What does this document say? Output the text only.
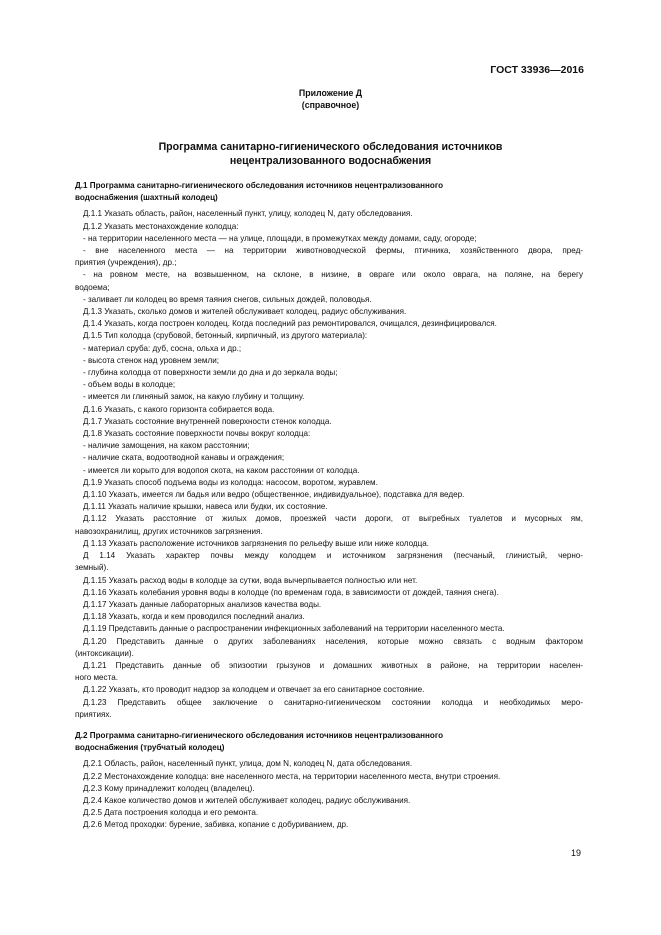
ГОСТ 33936—2016
Приложение Д
(справочное)
Программа санитарно-гигиенического обследования источников
нецентрализованного водоснабжения
Д.1 Программа санитарно-гигиенического обследования источников нецентрализованного
водоснабжения (шахтный колодец)
Д.1.1 Указать область, район, населенный пункт, улицу, колодец N, дату обследования.
Д.1.2 Указать местонахождение колодца:
- на территории населенного места — на улице, площади, в промежутках между домами, саду, огороде;
- вне населенного места — на территории животноводческой фермы, птичника, хозяйственного двора, пред-
приятия (учреждения), др.;
- на ровном месте, на возвышенном, на склоне, в низине, в овраге или около оврага, на поляне, на берегу
водоема;
- заливает ли колодец во время таяния снегов, сильных дождей, половодья.
Д.1.3 Указать, сколько домов и жителей обслуживает колодец, радиус обслуживания.
Д.1.4 Указать, когда построен колодец. Когда последний раз ремонтировался, очищался, дезинфицировался.
Д.1.5 Тип колодца (срубовой, бетонный, кирпичный, из другого материала):
- материал сруба: дуб, сосна, ольха и др.;
- высота стенок над уровнем земли;
- глубина колодца от поверхности земли до дна и до зеркала воды;
- объем воды в колодце;
- имеется ли глиняный замок, на какую глубину и толщину.
Д.1.6 Указать, с какого горизонта собирается вода.
Д.1.7 Указать состояние внутренней поверхности стенок колодца.
Д.1.8 Указать состояние поверхности почвы вокруг колодца:
- наличие замощения, на каком расстоянии;
- наличие ската, водоотводной канавы и ограждения;
- имеется ли корыто для водопоя скота, на каком расстоянии от колодца.
Д.1.9 Указать способ подъема воды из колодца: насосом, воротом, журавлем.
Д.1.10 Указать, имеется ли бадья или ведро (общественное, индивидуальное), подставка для ведер.
Д.1.11 Указать наличие крышки, навеса или будки, их состояние.
Д.1.12 Указать расстояние от жилых домов, проезжей части дороги, от выгребных туалетов и мусорных ям,
навозохранилищ, других источников загрязнения.
Д 1.13 Указать расположение источников загрязнения по рельефу выше или ниже колодца.
Д 1.14 Указать характер почвы между колодцем и источником загрязнения (песчаный, глинистый, черно-
земный).
Д.1.15 Указать расход воды в колодце за сутки, вода вычерпывается полностью или нет.
Д.1.16 Указать колебания уровня воды в колодце (по временам года, в зависимости от дождей, таяния снега).
Д.1.17 Указать данные лабораторных анализов качества воды.
Д.1.18 Указать, когда и кем проводился последний анализ.
Д.1.19 Представить данные о распространении инфекционных заболеваний на территории населенного места.
Д.1.20 Представить данные о других заболеваниях населения, которые можно связать с водным фактором
(интоксикации).
Д.1.21 Представить данные об эпизоотии грызунов и домашних животных в районе, на территории населен-
ного места.
Д.1.22 Указать, кто проводит надзор за колодцем и отвечает за его санитарное состояние.
Д.1.23 Представить общее заключение о санитарно-гигиеническом состоянии колодца и необходимых меро-
приятиях.
Д.2 Программа санитарно-гигиенического обследования источников нецентрализованного
водоснабжения (трубчатый колодец)
Д.2.1 Область, район, населенный пункт, улица, дом N, колодец N, дата обследования.
Д.2.2 Местонахождение колодца: вне населенного места, на территории населенного места, внутри строения.
Д.2.3 Кому принадлежит колодец (владелец).
Д.2.4 Какое количество домов и жителей обслуживает колодец, радиус обслуживания.
Д.2.5 Дата построения колодца и его ремонта.
Д.2.6 Метод проходки: бурение, забивка, копание с добуриванием, др.
19
